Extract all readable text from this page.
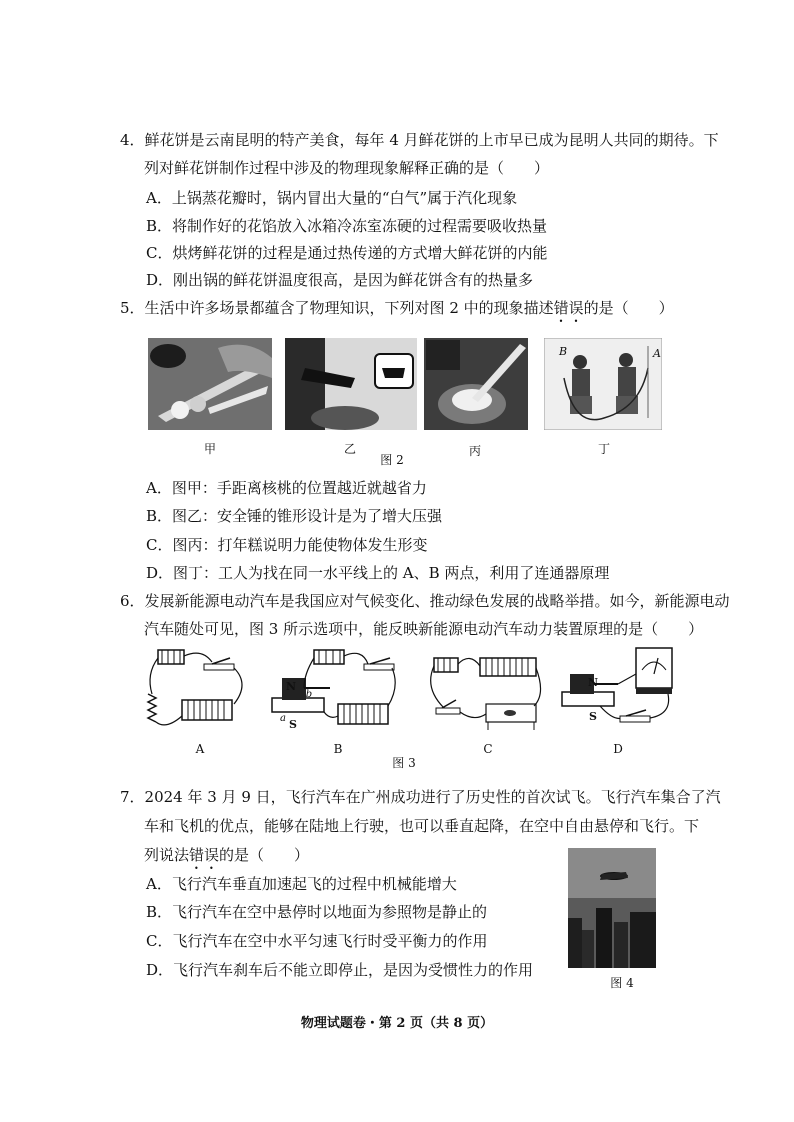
4．鲜花饼是云南昆明的特产美食，每年 4 月鲜花饼的上市早已成为昆明人共同的期待。下
列对鲜花饼制作过程中涉及的物理现象解释正确的是（　　）
A．上锅蒸花瓣时，锅内冒出大量的“白气”属于汽化现象
B．将制作好的花馅放入冰箱冷冻室冻硬的过程需要吸收热量
C．烘烤鲜花饼的过程是通过热传递的方式增大鲜花饼的内能
D．刚出锅的鲜花饼温度很高，是因为鲜花饼含有的热量多
5．生活中许多场景都蕴含了物理知识，下列对图 2 中的现象描述错误的是（　　）
B	A
甲	乙
图 2
丙	丁
A．图甲：手距离核桃的位置越近就越省力
B．图乙：安全锤的锥形设计是为了增大压强
C．图丙：打年糕说明力能使物体发生形变
D．图丁：工人为找在同一水平线上的 A、B 两点，利用了连通器原理
6．发展新能源电动汽车是我国应对气候变化、推动绿色发展的战略举措。如今，新能源电动
汽车随处可见，图 3 所示选项中，能反映新能源电动汽车动力装置原理的是（　　）
N
S
a
b
N
S
A	B
图 3
C	D
7．2024 年 3 月 9 日，飞行汽车在广州成功进行了历史性的首次试飞。飞行汽车集合了汽
车和飞机的优点，能够在陆地上行驶，也可以垂直起降，在空中自由悬停和飞行。下
列说法错误的是（　　）
A．飞行汽车垂直加速起飞的过程中机械能增大
B．飞行汽车在空中悬停时以地面为参照物是静止的
C．飞行汽车在空中水平匀速飞行时受平衡力的作用
D．飞行汽车刹车后不能立即停止，是因为受惯性力的作用
图 4
物理试题卷・第 2 页（共 8 页）
